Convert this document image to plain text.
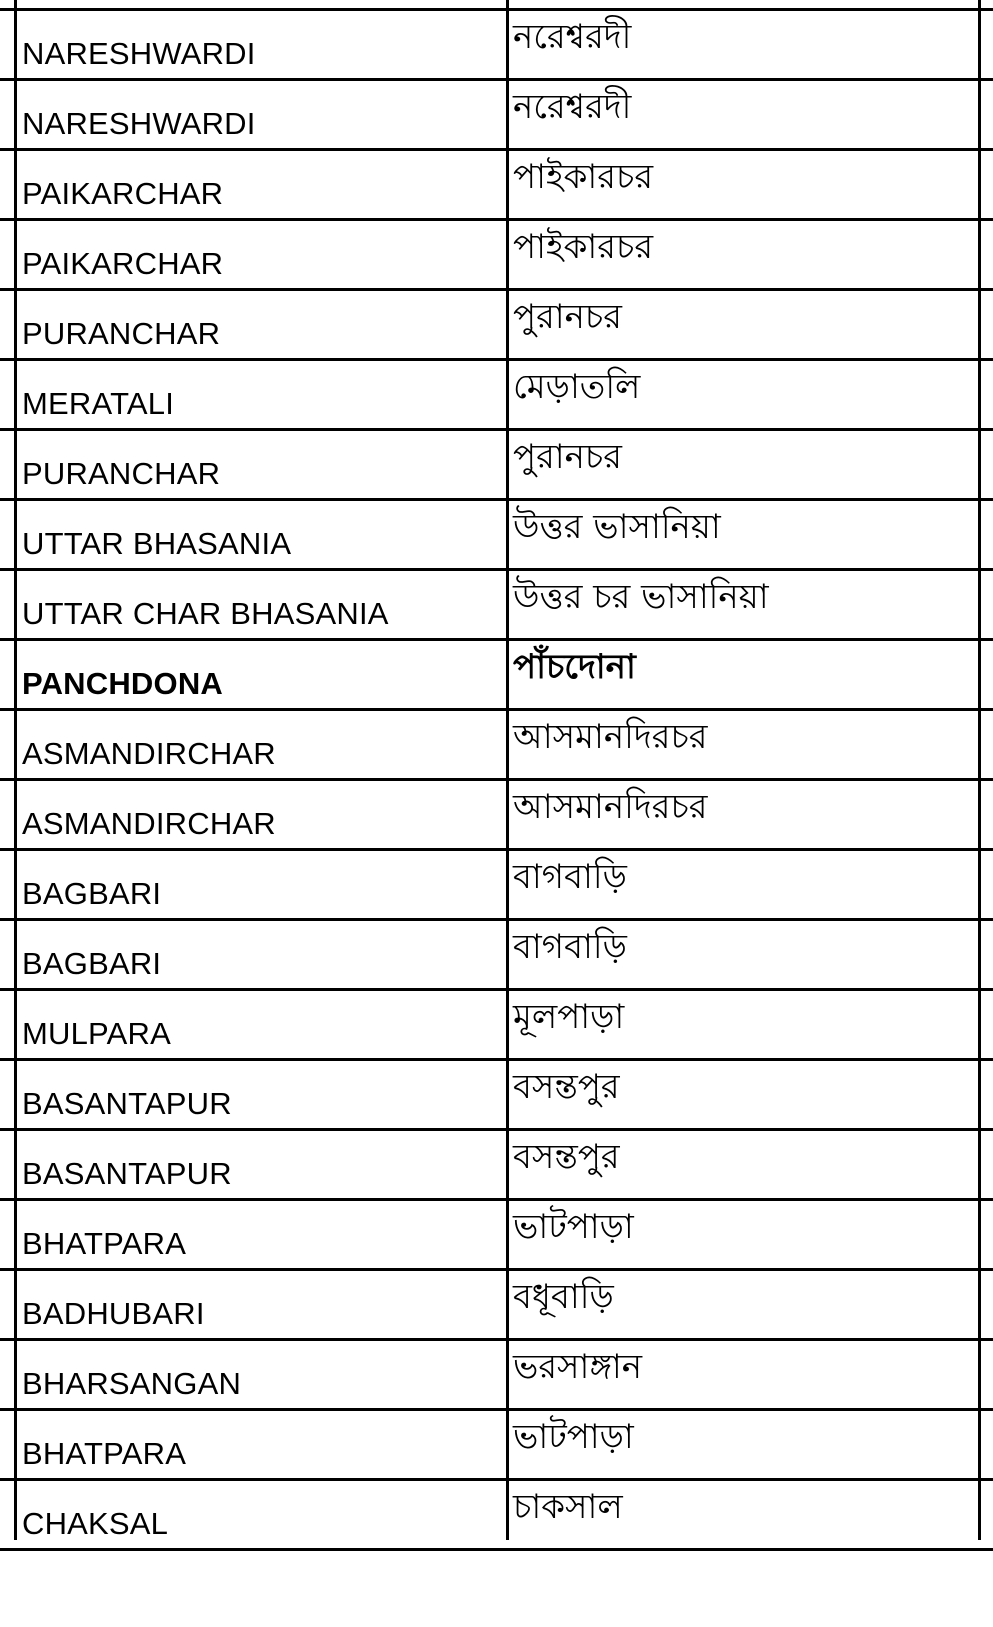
NARESHWARDI	নরেশ্বরদী
NARESHWARDI	নরেশ্বরদী
PAIKARCHAR	পাইকারচর
PAIKARCHAR	পাইকারচর
PURANCHAR	পুরানচর
MERATALI	মেড়াতলি
PURANCHAR	পুরানচর
UTTAR BHASANIA	উত্তর ভাসানিয়া
UTTAR CHAR BHASANIA	উত্তর চর ভাসানিয়া
PANCHDONA	পাঁচদোনা
ASMANDIRCHAR	আসমানদিরচর
ASMANDIRCHAR	আসমানদিরচর
BAGBARI	বাগবাড়ি
BAGBARI	বাগবাড়ি
MULPARA	মূলপাড়া
BASANTAPUR	বসন্তপুর
BASANTAPUR	বসন্তপুর
BHATPARA	ভাটপাড়া
BADHUBARI	বধূবাড়ি
BHARSANGAN	ভরসাঙ্গান
BHATPARA	ভাটপাড়া
CHAKSAL	চাকসাল
